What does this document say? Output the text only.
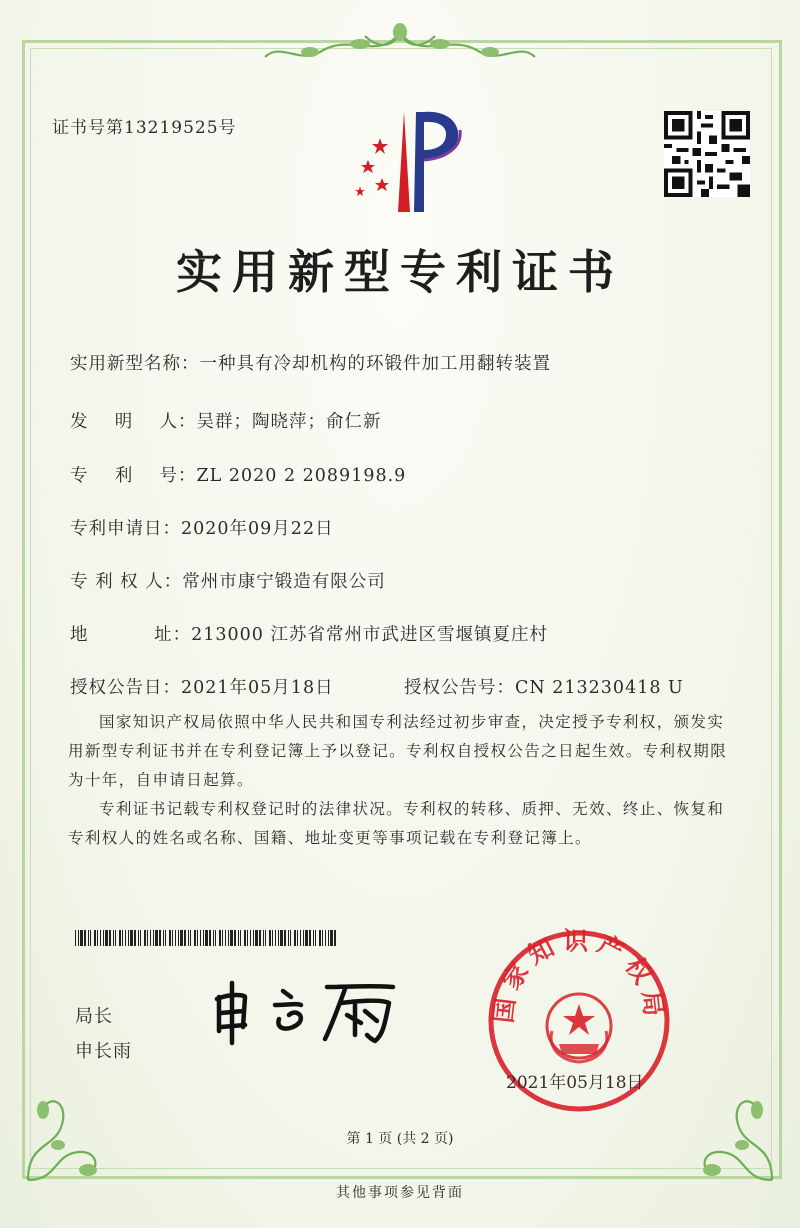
证书号第13219525号
实用新型专利证书
实用新型名称：一种具有冷却机构的环锻件加工用翻转装置
发    明    人：吴群；陶晓萍；俞仁新
专    利    号：ZL 2020 2 2089198.9
专利申请日：2020年09月22日
专 利 权 人：常州市康宁锻造有限公司
地          址：213000 江苏省常州市武进区雪堰镇夏庄村
授权公告日：2021年05月18日	授权公告号：CN 213230418 U
国家知识产权局依照中华人民共和国专利法经过初步审查，决定授予专利权，颁发实用新型专利证书并在专利登记簿上予以登记。专利权自授权公告之日起生效。专利权期限为十年，自申请日起算。
专利证书记载专利权登记时的法律状况。专利权的转移、质押、无效、终止、恢复和专利权人的姓名或名称、国籍、地址变更等事项记载在专利登记簿上。
局长
申长雨
国家知识产权局
2021年05月18日
第 1 页 (共 2 页)
其他事项参见背面
